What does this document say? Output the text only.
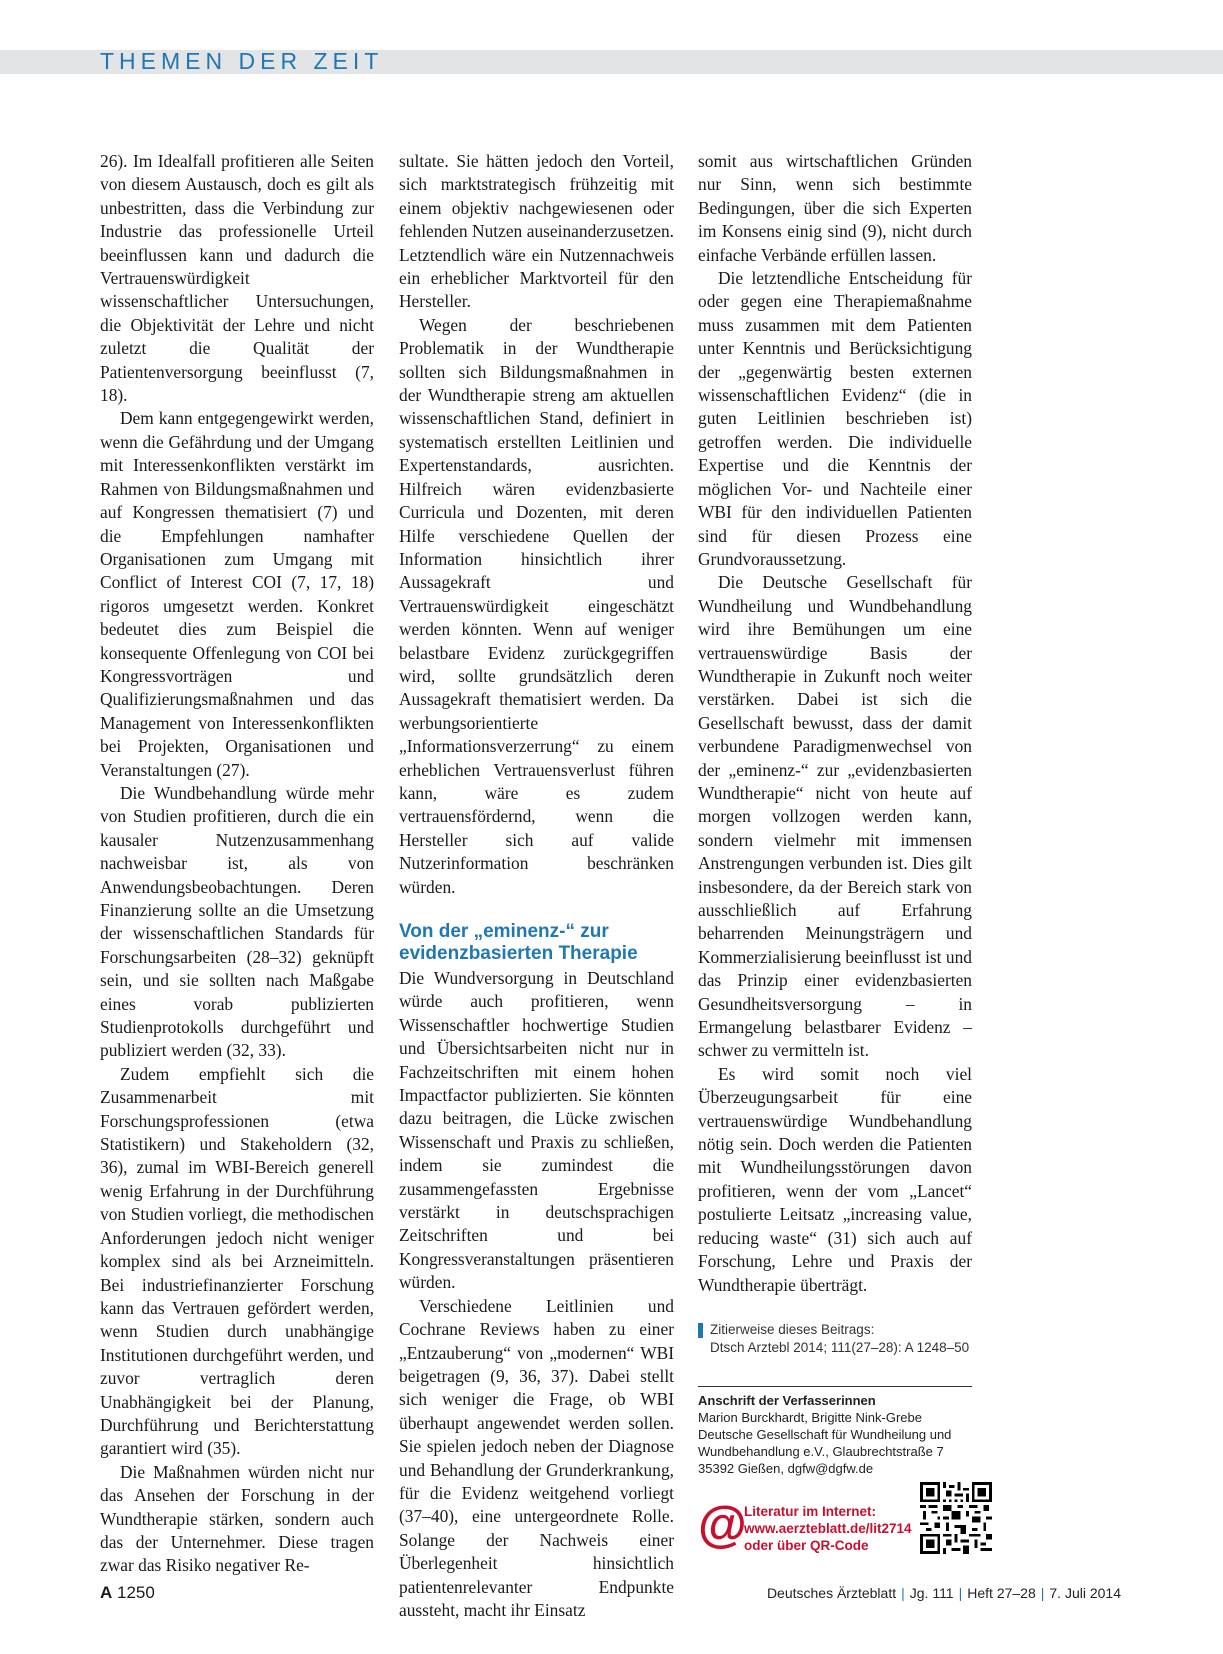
THEMEN DER ZEIT

26). Im Idealfall profitieren alle Seiten von diesem Austausch, doch es gilt als unbestritten, dass die Verbindung zur Industrie das professionelle Urteil beeinflussen kann und dadurch die Vertrauenswürdigkeit wissenschaftlicher Untersuchungen, die Objektivität der Lehre und nicht zuletzt die Qualität der Patientenversorgung beeinflusst (7, 18).

Dem kann entgegengewirkt werden, wenn die Gefährdung und der Umgang mit Interessenkonflikten verstärkt im Rahmen von Bildungsmaßnahmen und auf Kongressen thematisiert (7) und die Empfehlungen namhafter Organisationen zum Umgang mit Conflict of Interest COI (7, 17, 18) rigoros umgesetzt werden. Konkret bedeutet dies zum Beispiel die konsequente Offenlegung von COI bei Kongressvorträgen und Qualifizierungsmaßnahmen und das Management von Interessenkonflikten bei Projekten, Organisationen und Veranstaltungen (27).

Die Wundbehandlung würde mehr von Studien profitieren, durch die ein kausaler Nutzenzusammenhang nachweisbar ist, als von Anwendungsbeobachtungen. Deren Finanzierung sollte an die Umsetzung der wissenschaftlichen Standards für Forschungsarbeiten (28–32) geknüpft sein, und sie sollten nach Maßgabe eines vorab publizierten Studienprotokolls durchgeführt und publiziert werden (32, 33).

Zudem empfiehlt sich die Zusammenarbeit mit Forschungsprofessionen (etwa Statistikern) und Stakeholdern (32, 36), zumal im WBI-Bereich generell wenig Erfahrung in der Durchführung von Studien vorliegt, die methodischen Anforderungen jedoch nicht weniger komplex sind als bei Arzneimitteln. Bei industriefinanzierter Forschung kann das Vertrauen gefördert werden, wenn Studien durch unabhängige Institutionen durchgeführt werden, und zuvor vertraglich deren Unabhängigkeit bei der Planung, Durchführung und Berichterstattung garantiert wird (35).

Die Maßnahmen würden nicht nur das Ansehen der Forschung in der Wundtherapie stärken, sondern auch das der Unternehmer. Diese tragen zwar das Risiko negativer Re-

sultate. Sie hätten jedoch den Vorteil, sich marktstrategisch frühzeitig mit einem objektiv nachgewiesenen oder fehlenden Nutzen auseinanderzusetzen. Letztendlich wäre ein Nutzennachweis ein erheblicher Marktvorteil für den Hersteller.

Wegen der beschriebenen Problematik in der Wundtherapie sollten sich Bildungsmaßnahmen in der Wundtherapie streng am aktuellen wissenschaftlichen Stand, definiert in systematisch erstellten Leitlinien und Expertenstandards, ausrichten. Hilfreich wären evidenzbasierte Curricula und Dozenten, mit deren Hilfe verschiedene Quellen der Information hinsichtlich ihrer Aussagekraft und Vertrauenswürdigkeit eingeschätzt werden könnten. Wenn auf weniger belastbare Evidenz zurückgegriffen wird, sollte grundsätzlich deren Aussagekraft thematisiert werden. Da werbungsorientierte „Informationsverzerrung“ zu einem erheblichen Vertrauensverlust führen kann, wäre es zudem vertrauensfördernd, wenn die Hersteller sich auf valide Nutzerinformation beschränken würden.

Von der „eminenz-“ zur evidenzbasierten Therapie

Die Wundversorgung in Deutschland würde auch profitieren, wenn Wissenschaftler hochwertige Studien und Übersichtsarbeiten nicht nur in Fachzeitschriften mit einem hohen Impactfactor publizierten. Sie könnten dazu beitragen, die Lücke zwischen Wissenschaft und Praxis zu schließen, indem sie zumindest die zusammengefassten Ergebnisse verstärkt in deutschsprachigen Zeitschriften und bei Kongressveranstaltungen präsentieren würden.

Verschiedene Leitlinien und Cochrane Reviews haben zu einer „Entzauberung“ von „modernen“ WBI beigetragen (9, 36, 37). Dabei stellt sich weniger die Frage, ob WBI überhaupt angewendet werden sollen. Sie spielen jedoch neben der Diagnose und Behandlung der Grunderkrankung, für die Evidenz weitgehend vorliegt (37–40), eine untergeordnete Rolle. Solange der Nachweis einer Überlegenheit hinsichtlich patientenrelevanter Endpunkte aussteht, macht ihr Einsatz

somit aus wirtschaftlichen Gründen nur Sinn, wenn sich bestimmte Bedingungen, über die sich Experten im Konsens einig sind (9), nicht durch einfache Verbände erfüllen lassen.

Die letztendliche Entscheidung für oder gegen eine Therapiemaßnahme muss zusammen mit dem Patienten unter Kenntnis und Berücksichtigung der „gegenwärtig besten externen wissenschaftlichen Evidenz“ (die in guten Leitlinien beschrieben ist) getroffen werden. Die individuelle Expertise und die Kenntnis der möglichen Vor- und Nachteile einer WBI für den individuellen Patienten sind für diesen Prozess eine Grundvoraussetzung.

Die Deutsche Gesellschaft für Wundheilung und Wundbehandlung wird ihre Bemühungen um eine vertrauenswürdige Basis der Wundtherapie in Zukunft noch weiter verstärken. Dabei ist sich die Gesellschaft bewusst, dass der damit verbundene Paradigmenwechsel von der „eminenz-“ zur „evidenzbasierten Wundtherapie“ nicht von heute auf morgen vollzogen werden kann, sondern vielmehr mit immensen Anstrengungen verbunden ist. Dies gilt insbesondere, da der Bereich stark von ausschließlich auf Erfahrung beharrenden Meinungsträgern und Kommerzialisierung beeinflusst ist und das Prinzip einer evidenzbasierten Gesundheitsversorgung – in Ermangelung belastbarer Evidenz – schwer zu vermitteln ist.

Es wird somit noch viel Überzeugungsarbeit für eine vertrauenswürdige Wundbehandlung nötig sein. Doch werden die Patienten mit Wundheilungsstörungen davon profitieren, wenn der vom „Lancet“ postulierte Leitsatz „increasing value, reducing waste“ (31) sich auch auf Forschung, Lehre und Praxis der Wundtherapie überträgt.

Zitierweise dieses Beitrags:
Dtsch Arztebl 2014; 111(27–28): A 1248–50
Anschrift der Verfasserinnen
Marion Burckhardt, Brigitte Nink-Grebe
Deutsche Gesellschaft für Wundheilung und
Wundbehandlung e.V., Glaubrechtstraße 7
35392 Gießen, dgfw@dgfw.de
@
Literatur im Internet:
www.aerzteblatt.de/lit2714
oder über QR-Code
A 1250	Deutsches Ärzteblatt | Jg. 111 | Heft 27–28 | 7. Juli 2014
